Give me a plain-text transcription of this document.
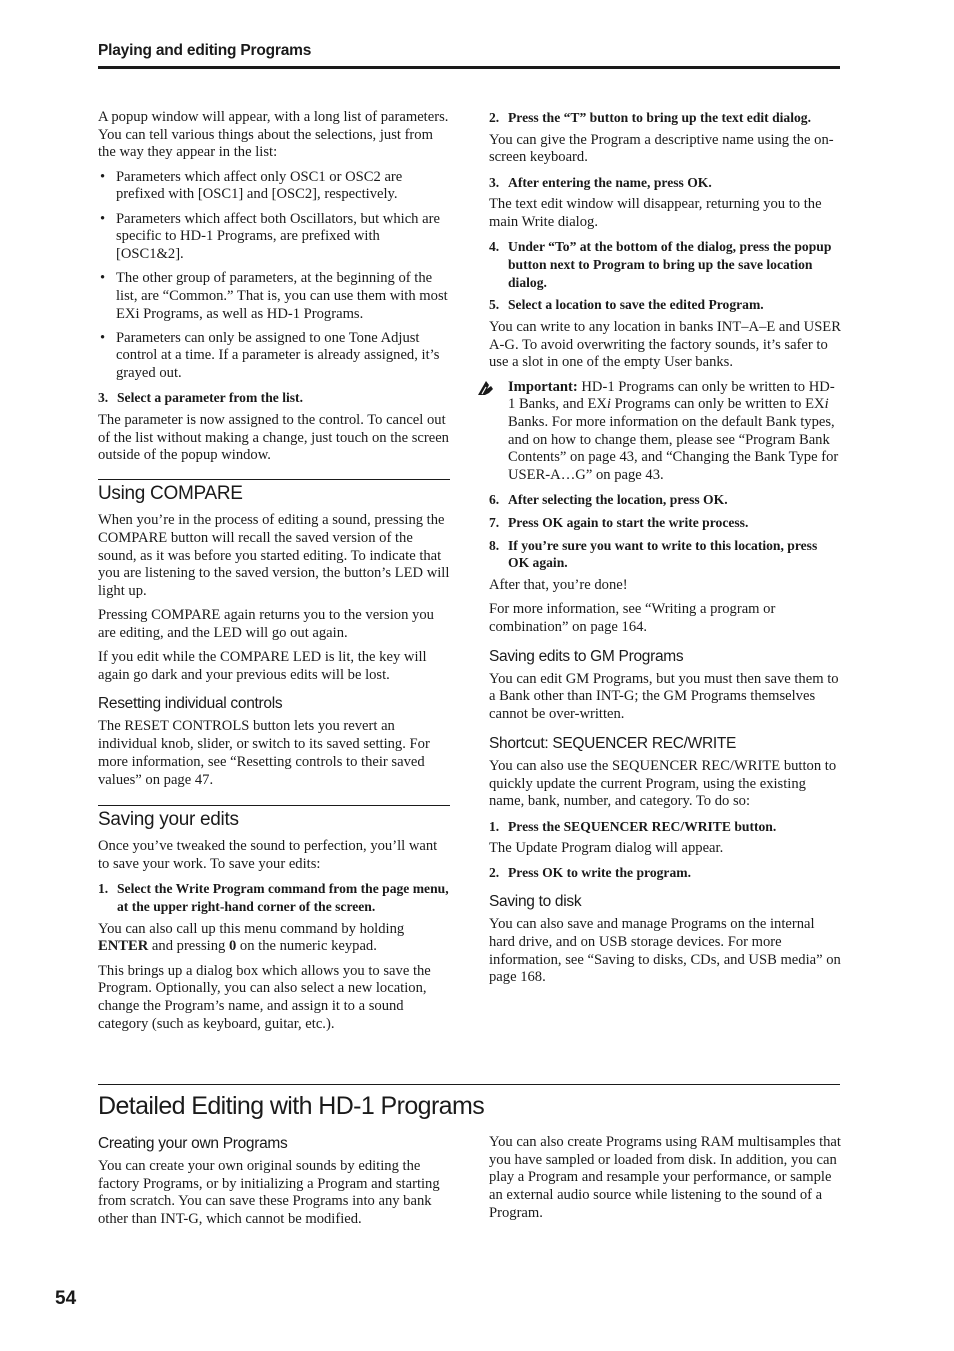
Playing and editing Programs

A popup window will appear, with a long list of parameters. You can tell various things about the selections, just from the way they appear in the list:

• Parameters which affect only OSC1 or OSC2 are prefixed with [OSC1] and [OSC2], respectively.
• Parameters which affect both Oscillators, but which are specific to HD-1 Programs, are prefixed with [OSC1&2].
• The other group of parameters, at the beginning of the list, are “Common.” That is, you can use them with most EXi Programs, as well as HD-1 Programs.
• Parameters can only be assigned to one Tone Adjust control at a time. If a parameter is already assigned, it’s grayed out.
3. Select a parameter from the list.

The parameter is now assigned to the control. To cancel out of the list without making a change, just touch on the screen outside of the popup window.

Using COMPARE

When you’re in the process of editing a sound, pressing the COMPARE button will recall the saved version of the sound, as it was before you started editing. To indicate that you are listening to the saved version, the button’s LED will light up.

Pressing COMPARE again returns you to the version you are editing, and the LED will go out again.

If you edit while the COMPARE LED is lit, the key will again go dark and your previous edits will be lost.

Resetting individual controls

The RESET CONTROLS button lets you revert an individual knob, slider, or switch to its saved setting. For more information, see “Resetting controls to their saved values” on page 47.

Saving your edits

Once you’ve tweaked the sound to perfection, you’ll want to save your work. To save your edits:

1. Select the Write Program command from the page menu, at the upper right-hand corner of the screen.

You can also call up this menu command by holding ENTER and pressing 0 on the numeric keypad.

This brings up a dialog box which allows you to save the Program. Optionally, you can also select a new location, change the Program’s name, and assign it to a sound category (such as keyboard, guitar, etc.).

2. Press the “T” button to bring up the text edit dialog.

You can give the Program a descriptive name using the on-screen keyboard.

3. After entering the name, press OK.

The text edit window will disappear, returning you to the main Write dialog.

4. Under “To” at the bottom of the dialog, press the popup button next to Program to bring up the save location dialog.
5. Select a location to save the edited Program.

You can write to any location in banks INT–A–E and USER A-G. To avoid overwriting the factory sounds, it’s safer to use a slot in one of the empty User banks.

Important: HD-1 Programs can only be written to HD-1 Banks, and EXi Programs can only be written to EXi Banks. For more information on the default Bank types, and on how to change them, please see “Program Bank Contents” on page 43, and “Changing the Bank Type for USER-A…G” on page 43.
6. After selecting the location, press OK.
7. Press OK again to start the write process.
8. If you’re sure you want to write to this location, press OK again.

After that, you’re done!

For more information, see “Writing a program or combination” on page 164.

Saving edits to GM Programs

You can edit GM Programs, but you must then save them to a Bank other than INT-G; the GM Programs themselves cannot be over-written.

Shortcut: SEQUENCER REC/WRITE

You can also use the SEQUENCER REC/WRITE button to quickly update the current Program, using the existing name, bank, number, and category. To do so:

1. Press the SEQUENCER REC/WRITE button.

The Update Program dialog will appear.

2. Press OK to write the program.
Saving to disk

You can also save and manage Programs on the internal hard drive, and on USB storage devices. For more information, see “Saving to disks, CDs, and USB media” on page 168.

Detailed Editing with HD-1 Programs
Creating your own Programs

You can create your own original sounds by editing the factory Programs, or by initializing a Program and starting from scratch. You can save these Programs into any bank other than INT-G, which cannot be modified.

You can also create Programs using RAM multisamples that you have sampled or loaded from disk. In addition, you can play a Program and resample your performance, or sample an external audio source while listening to the sound of a Program.

54
